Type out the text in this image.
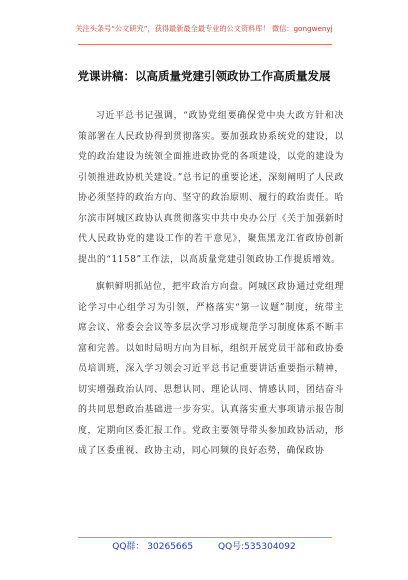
关注头条号“公文研究”，获得最新最全最专业的公文资料库！ 微信：gongwenyj
党课讲稿：以高质量党建引领政协工作高质量发展

习近平总书记强调，“政协党组要确保党中央大政方针和决策部署在人民政协得到贯彻落实。要加强政协系统党的建设，以党的政治建设为统领全面推进政协党的各项建设，以党的建设为引领推进政协机关建设。”总书记的重要论述，深刻阐明了人民政协必须坚持的政治方向、坚守的政治原则、履行的政治责任。哈尔滨市阿城区政协认真贯彻落实中共中央办公厅《关于加强新时代人民政协党的建设工作的若干意见》，聚焦黑龙江省政协创新提出的“1158”工作法，以高质量党建引领政协工作提质增效。

旗帜鲜明抓站位，把牢政治方向盘。阿城区政协通过党组理论学习中心组学习为引领，严格落实“第一议题”制度，统带主席会议、常委会会议等多层次学习形成规范学习制度体系不断丰富和完善。以如时局明方向为目标，组织开展党员干部和政协委员培训班，深入学习领会习近平总书记重要讲话重要指示精神，切实增强政治认同、思想认同、理论认同、情感认同，团结奋斗的共同思想政治基础进一步夯实。认真落实重大事项请示报告制度，定期向区委汇报工作。党政主要领导带头参加政协活动，形成了区委重视、政协主动，同心同频的良好态势，确保政协

QQ群： 30265665	QQ号:535304092
